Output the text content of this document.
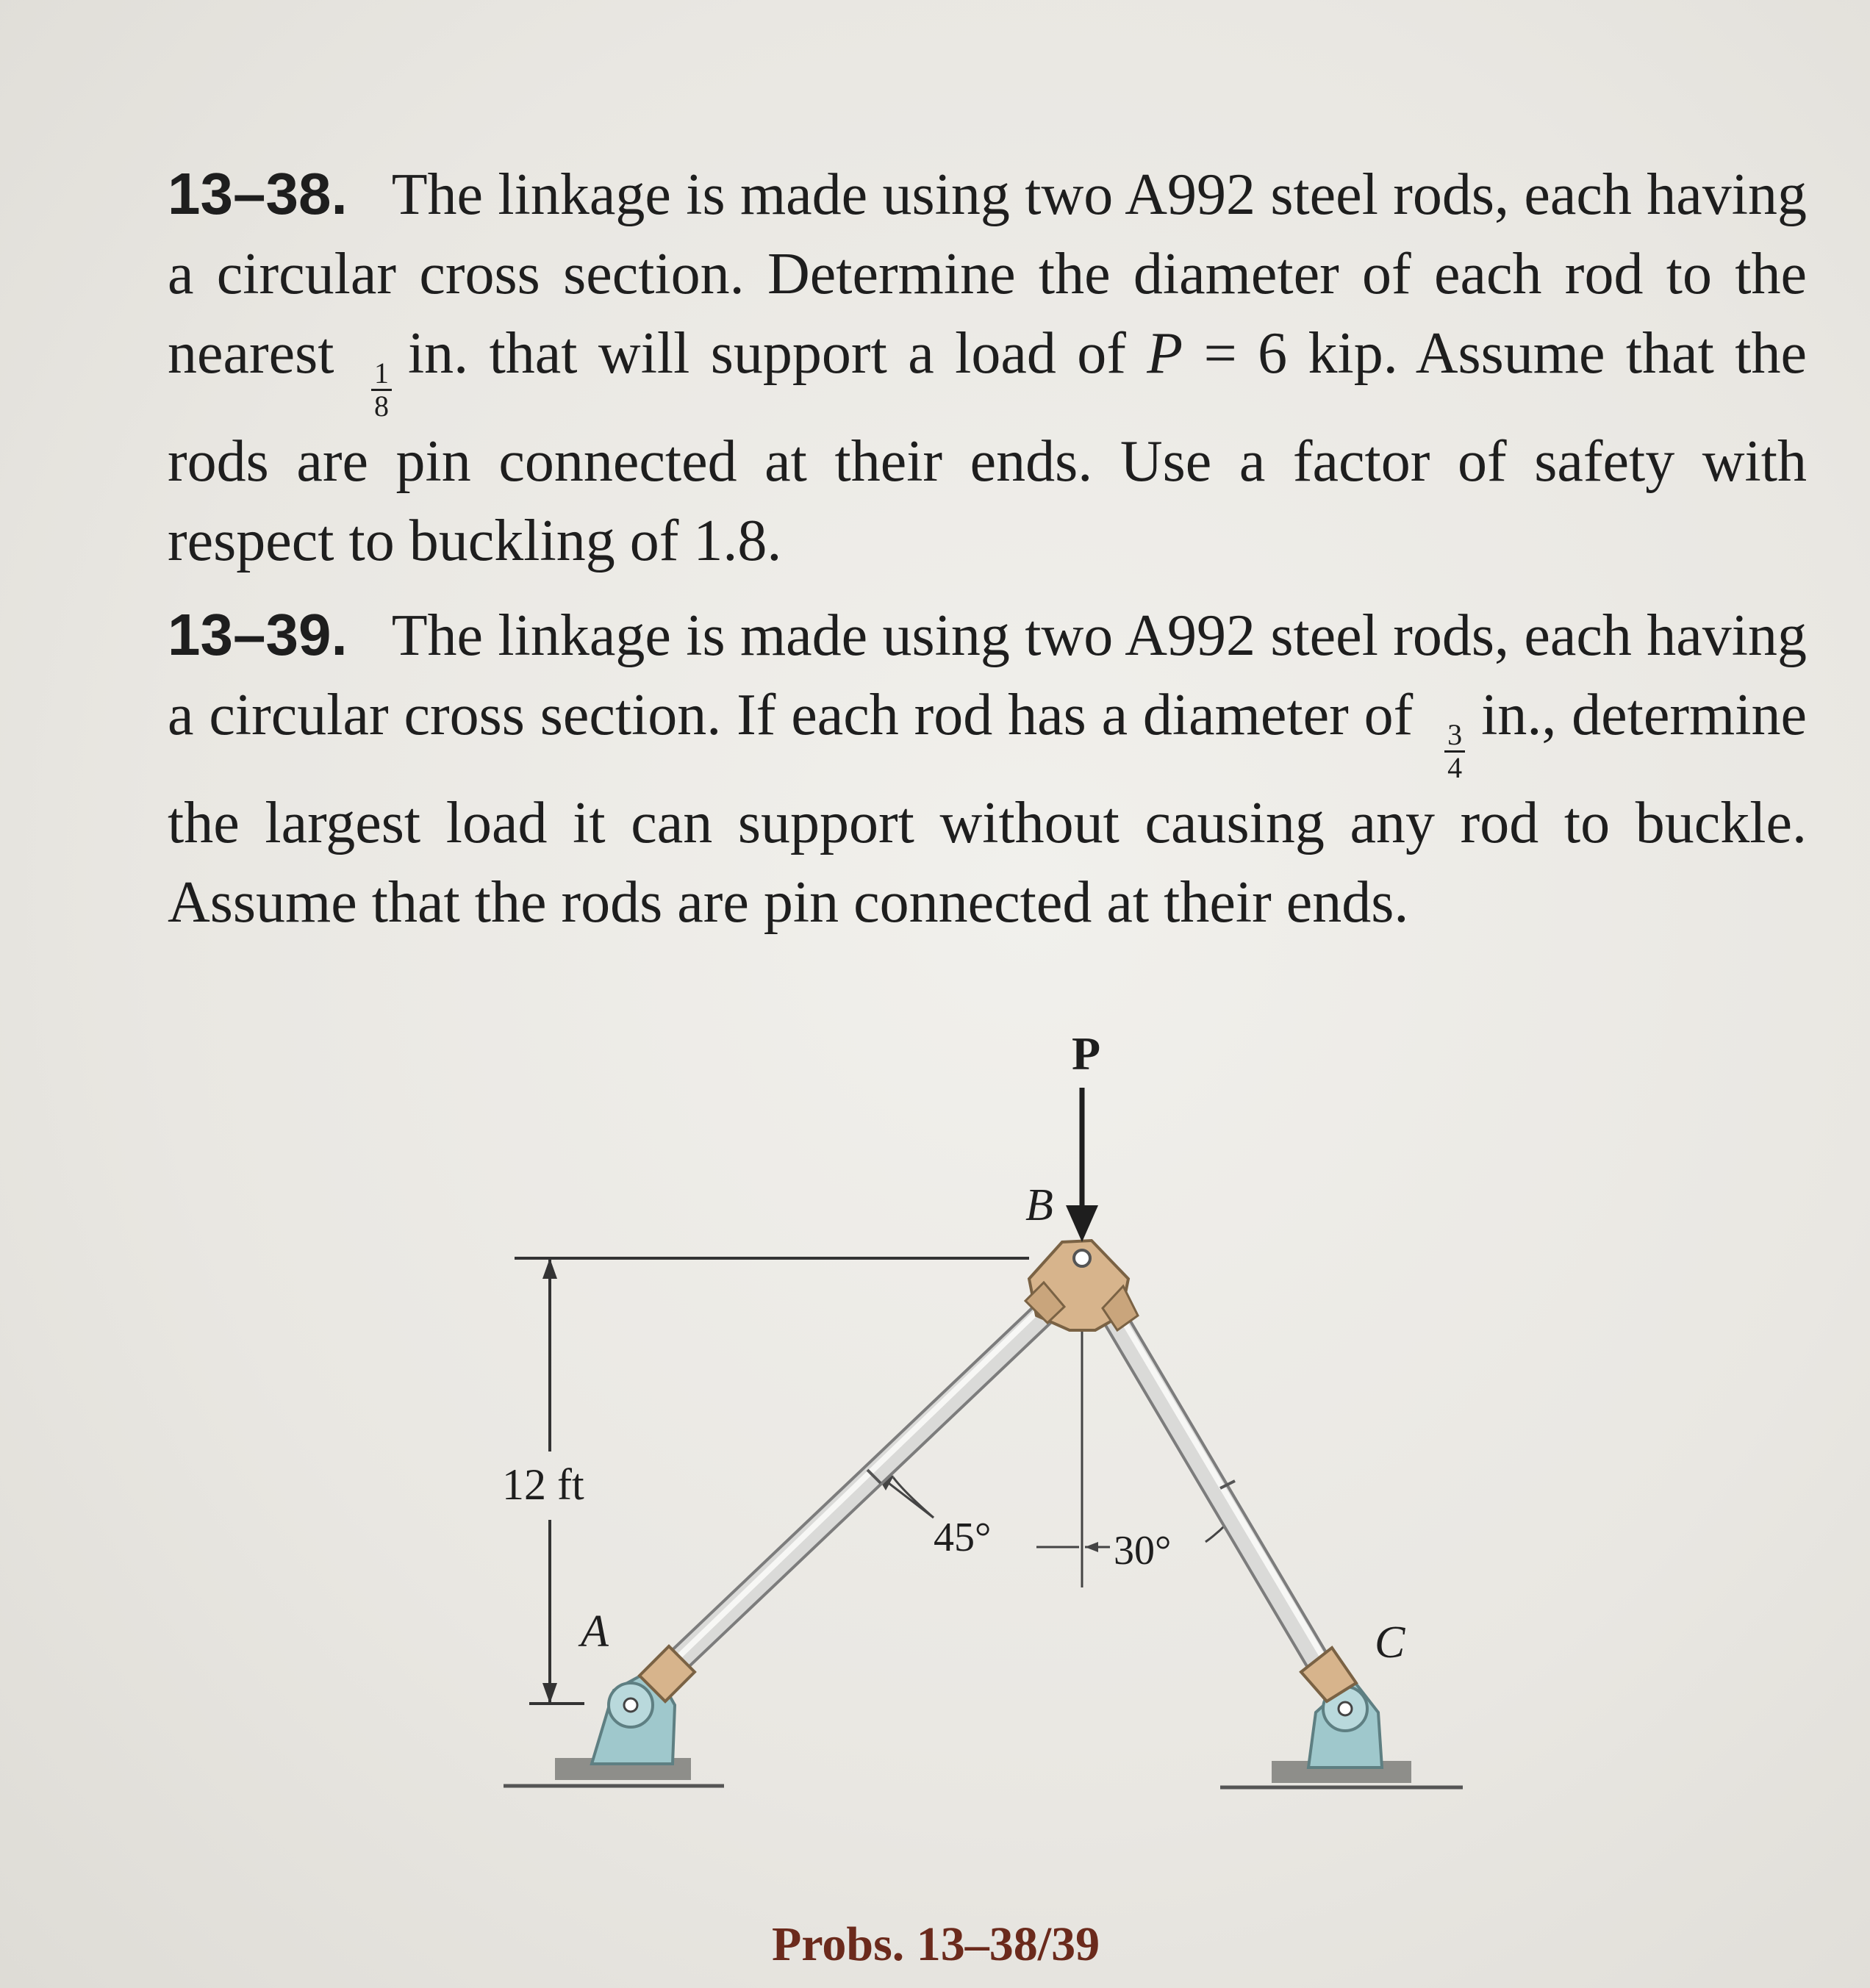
13–38. The linkage is made using two A992 steel rods, each having a circular cross section. Determine the diameter of each rod to the nearest
$\frac{1}{8}$
in. that will support a load of P = 6 kip. Assume that the rods are pin connected at their ends. Use a factor of safety with respect to buckling of 1.8.
13–39. The linkage is made using two A992 steel rods, each having a circular cross section. If each rod has a diameter of
$\frac{3}{4}$
in., determine the largest load it can support without causing any rod to buckle. Assume that the rods are pin connected at their ends.
P
B
A	C
12 ft
45°	30°
Probs. 13–38/39
